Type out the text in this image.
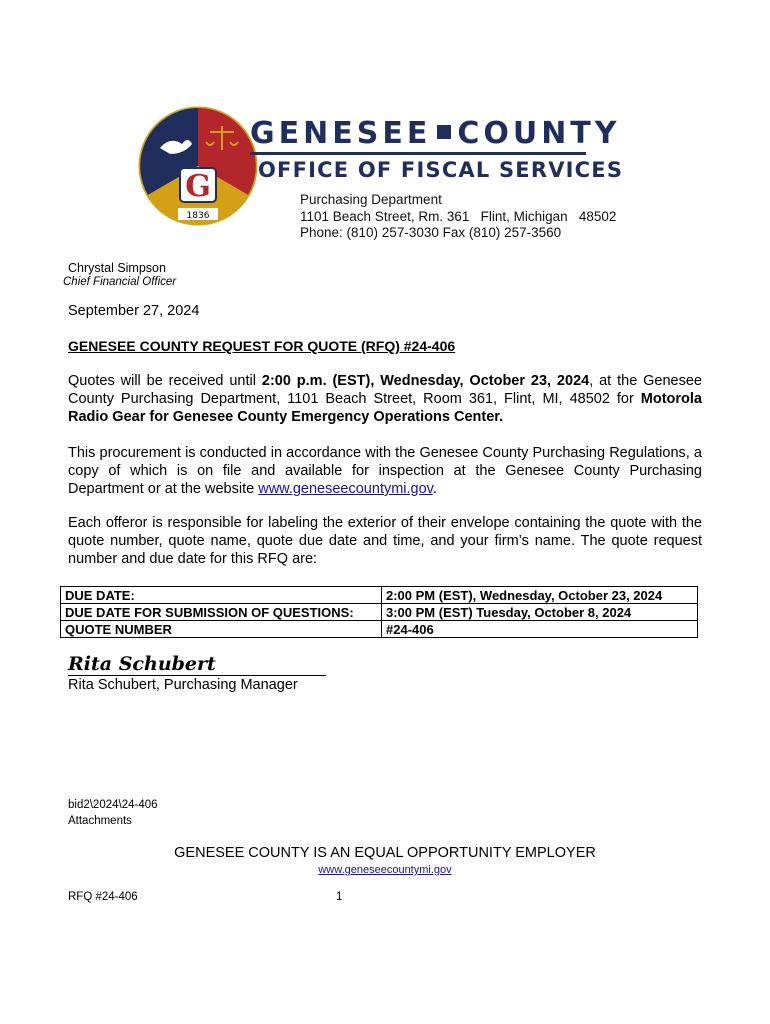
G
1836
GENESEE COUNTY
OFFICE OF FISCAL SERVICES
Purchasing Department
1101 Beach Street, Rm. 361   Flint, Michigan   48502
Phone: (810) 257-3030 Fax (810) 257-3560
Chrystal Simpson
Chief Financial Officer
September 27, 2024
GENESEE COUNTY REQUEST FOR QUOTE (RFQ) #24-406
Quotes will be received until 2:00 p.m. (EST), Wednesday, October 23, 2024, at the Genesee County Purchasing Department, 1101 Beach Street, Room 361, Flint, MI, 48502 for Motorola Radio Gear for Genesee County Emergency Operations Center.
This procurement is conducted in accordance with the Genesee County Purchasing Regulations, a copy of which is on file and available for inspection at the Genesee County Purchasing Department or at the website www.geneseecountymi.gov.
Each offeror is responsible for labeling the exterior of their envelope containing the quote with the quote number, quote name, quote due date and time, and your firm’s name. The quote request number and due date for this RFQ are:
DUE DATE:	2:00 PM (EST), Wednesday, October 23, 2024
DUE DATE FOR SUBMISSION OF QUESTIONS:	3:00 PM (EST) Tuesday, October 8, 2024
QUOTE NUMBER	#24-406
Rita Schubert
Rita Schubert, Purchasing Manager
bid2\2024\24-406
Attachments
GENESEE COUNTY IS AN EQUAL OPPORTUNITY EMPLOYER
www.geneseecountymi.gov
RFQ #24-406	1
